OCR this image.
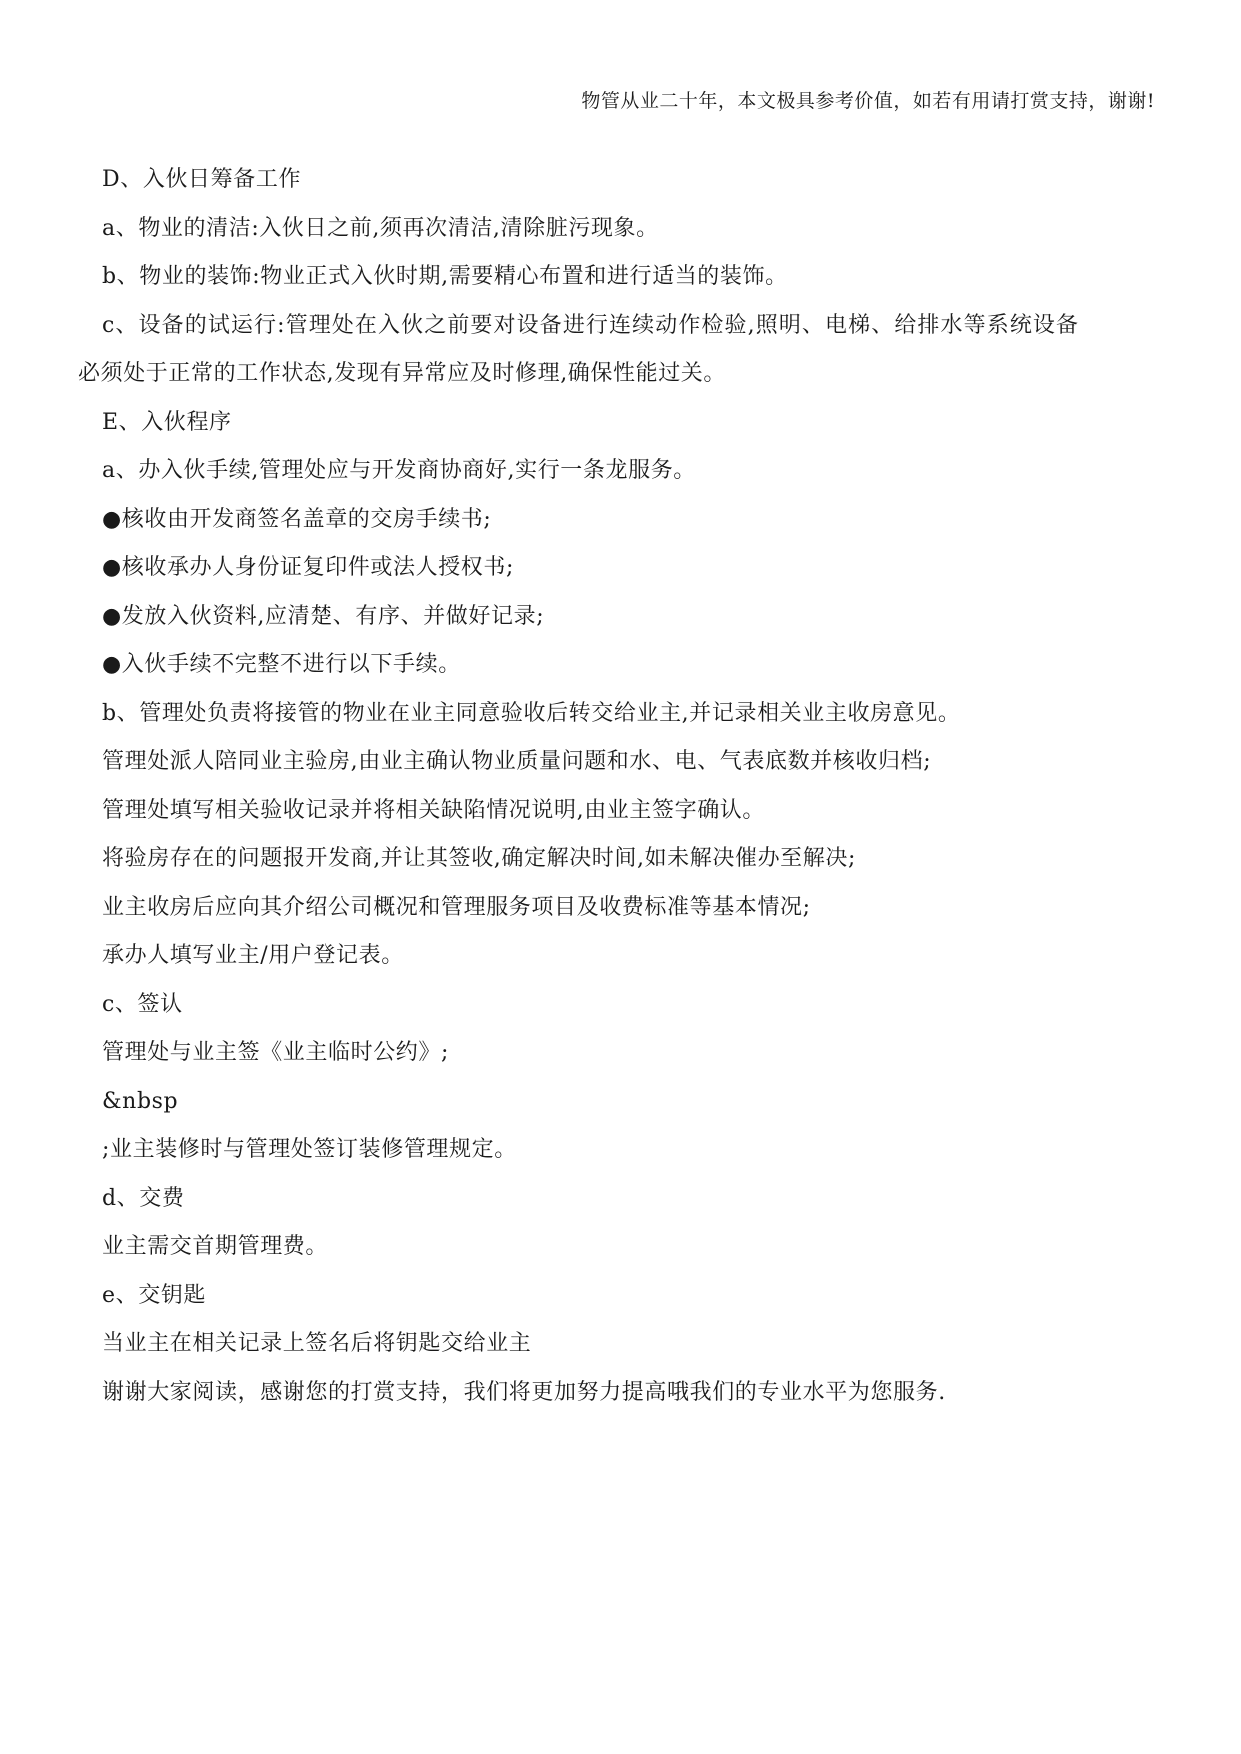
物管从业二十年，本文极具参考价值，如若有用请打赏支持，谢谢!
D、入伙日筹备工作
a、物业的清洁:入伙日之前,须再次清洁,清除脏污现象。
b、物业的装饰:物业正式入伙时期,需要精心布置和进行适当的装饰。
c、设备的试运行:管理处在入伙之前要对设备进行连续动作检验,照明、电梯、给排水等系统设备
必须处于正常的工作状态,发现有异常应及时修理,确保性能过关。
E、入伙程序
a、办入伙手续,管理处应与开发商协商好,实行一条龙服务。
●核收由开发商签名盖章的交房手续书;
●核收承办人身份证复印件或法人授权书;
●发放入伙资料,应清楚、有序、并做好记录;
●入伙手续不完整不进行以下手续。
b、管理处负责将接管的物业在业主同意验收后转交给业主,并记录相关业主收房意见。
管理处派人陪同业主验房,由业主确认物业质量问题和水、电、气表底数并核收归档;
管理处填写相关验收记录并将相关缺陷情况说明,由业主签字确认。
将验房存在的问题报开发商,并让其签收,确定解决时间,如未解决催办至解决;
业主收房后应向其介绍公司概况和管理服务项目及收费标准等基本情况;
承办人填写业主/用户登记表。
c、签认
管理处与业主签《业主临时公约》;
&nbsp
;业主装修时与管理处签订装修管理规定。
d、交费
业主需交首期管理费。
e、交钥匙
当业主在相关记录上签名后将钥匙交给业主
谢谢大家阅读，感谢您的打赏支持，我们将更加努力提高哦我们的专业水平为您服务.
